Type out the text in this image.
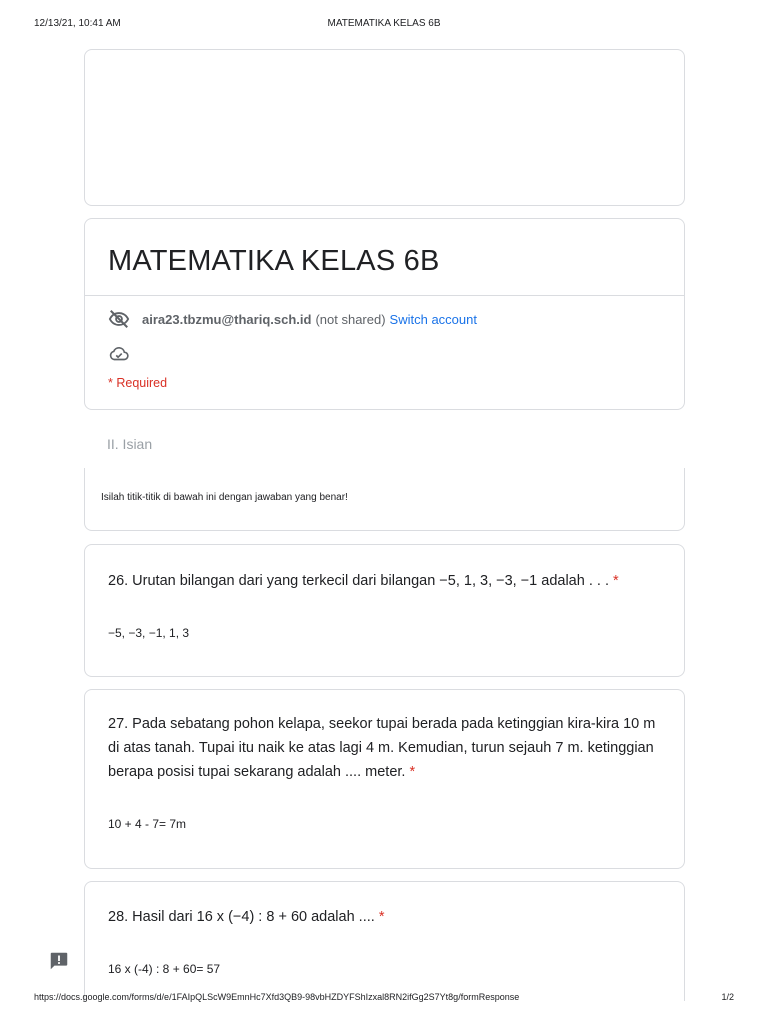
12/13/21, 10:41 AM	MATEMATIKA KELAS 6B
MATEMATIKA KELAS 6B
aira23.tbzmu@thariq.sch.id (not shared) Switch account
* Required
II. Isian
Isilah titik-titik di bawah ini dengan jawaban yang benar!
26. Urutan bilangan dari yang terkecil dari bilangan −5, 1, 3, −3, −1 adalah . . . *
−5, −3, −1, 1, 3
27. Pada sebatang pohon kelapa, seekor tupai berada pada ketinggian kira-kira 10 m di atas tanah. Tupai itu naik ke atas lagi 4 m. Kemudian, turun sejauh 7 m. ketinggian berapa posisi tupai sekarang adalah .... meter. *
10 + 4 - 7= 7m
28. Hasil dari 16 x (−4) : 8 + 60 adalah .... *
16 x (-4) : 8 + 60= 57
https://docs.google.com/forms/d/e/1FAIpQLScW9EmnHc7Xfd3QB9-98vbHZDYFShIzxal8RN2ifGg2S7Yt8g/formResponse	1/2
